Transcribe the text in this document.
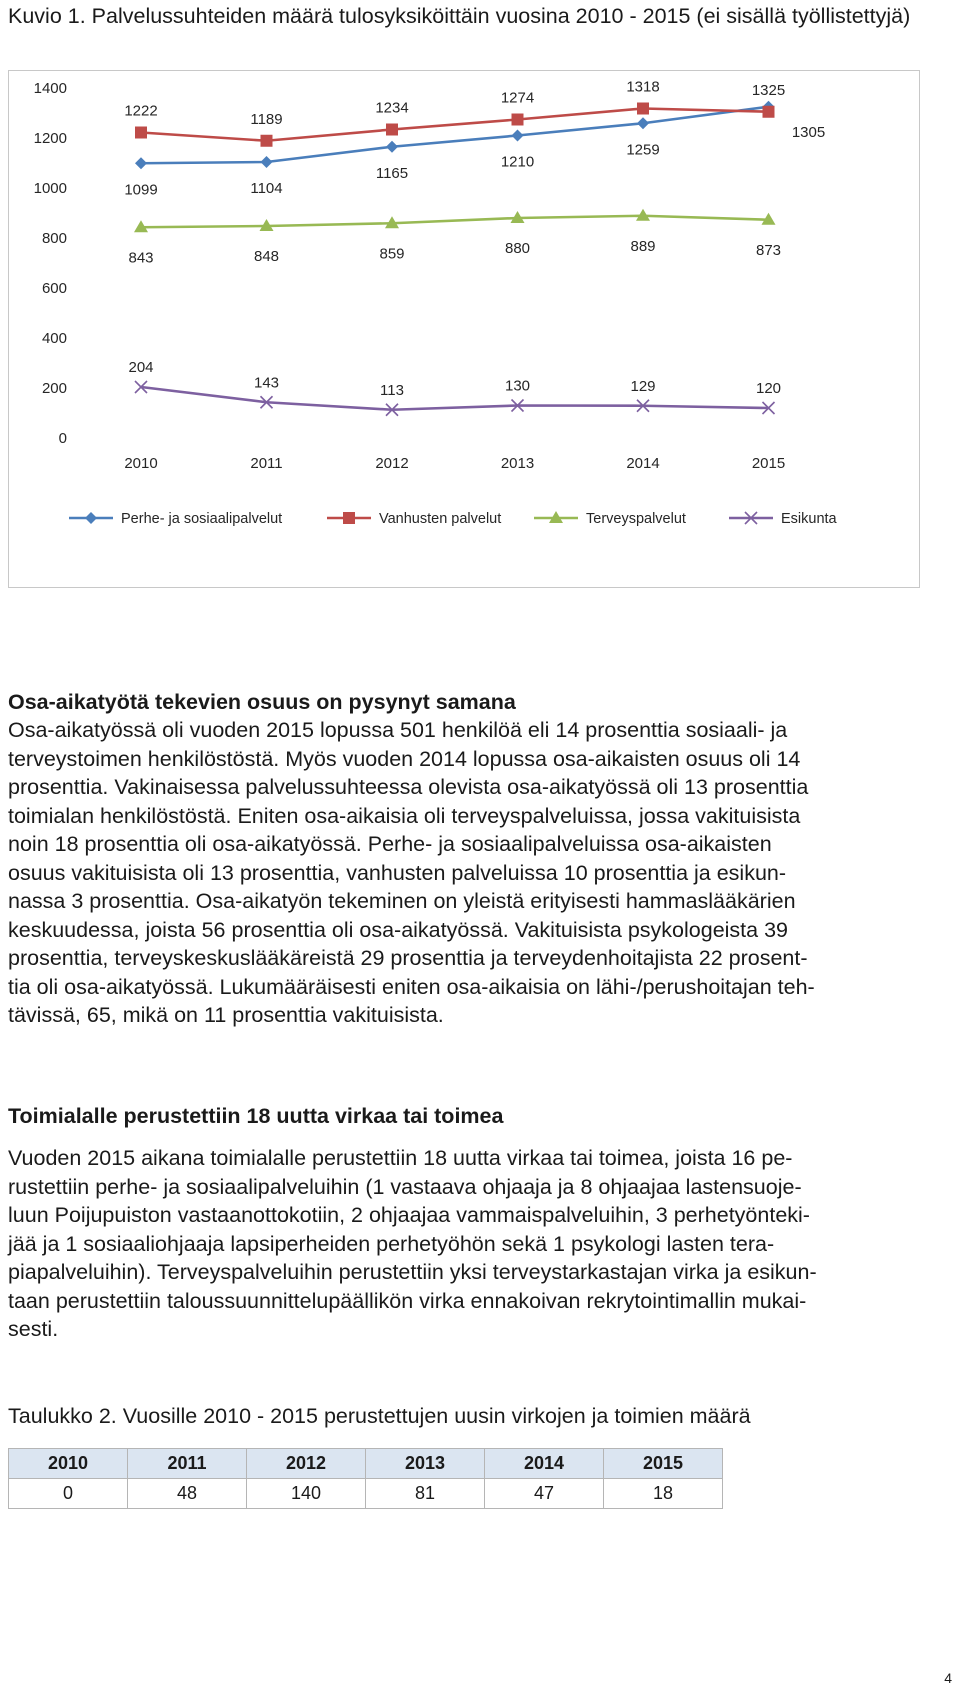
Kuvio 1. Palvelussuhteiden määrä tulosyksiköittäin vuosina 2010 - 2015 (ei sisällä työllistettyjä)
0
200
400
600
800
1000
1200
1400
2010	2011	2012	2013	2014	2015
1099	1104
1165
1210
1259
1325
1222	1189
1234
1274
1318
1305
843	848	859	880	889	873
204
143	113	130	129	120
Perhe- ja sosiaalipalvelut	Vanhusten palvelut	Terveyspalvelut	Esikunta
Osa-aikatyötä tekevien osuus on pysynyt samana
Osa-aikatyössä oli vuoden 2015 lopussa 501 henkilöä eli 14 prosenttia sosiaali- ja
terveystoimen henkilöstöstä. Myös vuoden 2014 lopussa osa-aikaisten osuus oli 14
prosenttia. Vakinaisessa palvelussuhteessa olevista osa-aikatyössä oli 13 prosenttia
toimialan henkilöstöstä. Eniten osa-aikaisia oli terveyspalveluissa, jossa vakituisista
noin 18 prosenttia oli osa-aikatyössä. Perhe- ja sosiaalipalveluissa osa-aikaisten
osuus vakituisista oli 13 prosenttia, vanhusten palveluissa 10 prosenttia ja esikun-
nassa 3 prosenttia. Osa-aikatyön tekeminen on yleistä erityisesti hammaslääkärien
keskuudessa, joista 56 prosenttia oli osa-aikatyössä. Vakituisista psykologeista 39
prosenttia, terveyskeskuslääkäreistä 29 prosenttia ja terveydenhoitajista 22 prosent-
tia oli osa-aikatyössä. Lukumääräisesti eniten osa-aikaisia on lähi-/perushoitajan teh-
tävissä, 65, mikä on 11 prosenttia vakituisista.
Toimialalle perustettiin 18 uutta virkaa tai toimea
Vuoden 2015 aikana toimialalle perustettiin 18 uutta virkaa tai toimea, joista 16 pe-
rustettiin perhe- ja sosiaalipalveluihin (1 vastaava ohjaaja ja 8 ohjaajaa lastensuoje-
luun Poijupuiston vastaanottokotiin, 2 ohjaajaa vammaispalveluihin, 3 perhetyönteki-
jää ja 1 sosiaaliohjaaja lapsiperheiden perhetyöhön sekä 1 psykologi lasten tera-
piapalveluihin). Terveyspalveluihin perustettiin yksi terveystarkastajan virka ja esikun-
taan perustettiin taloussuunnittelupäällikön virka ennakoivan rekrytointimallin mukai-
sesti.
Taulukko 2. Vuosille 2010 - 2015 perustettujen uusin virkojen ja toimien määrä
2010	2011	2012	2013	2014	2015
0	48	140	81	47	18
4
